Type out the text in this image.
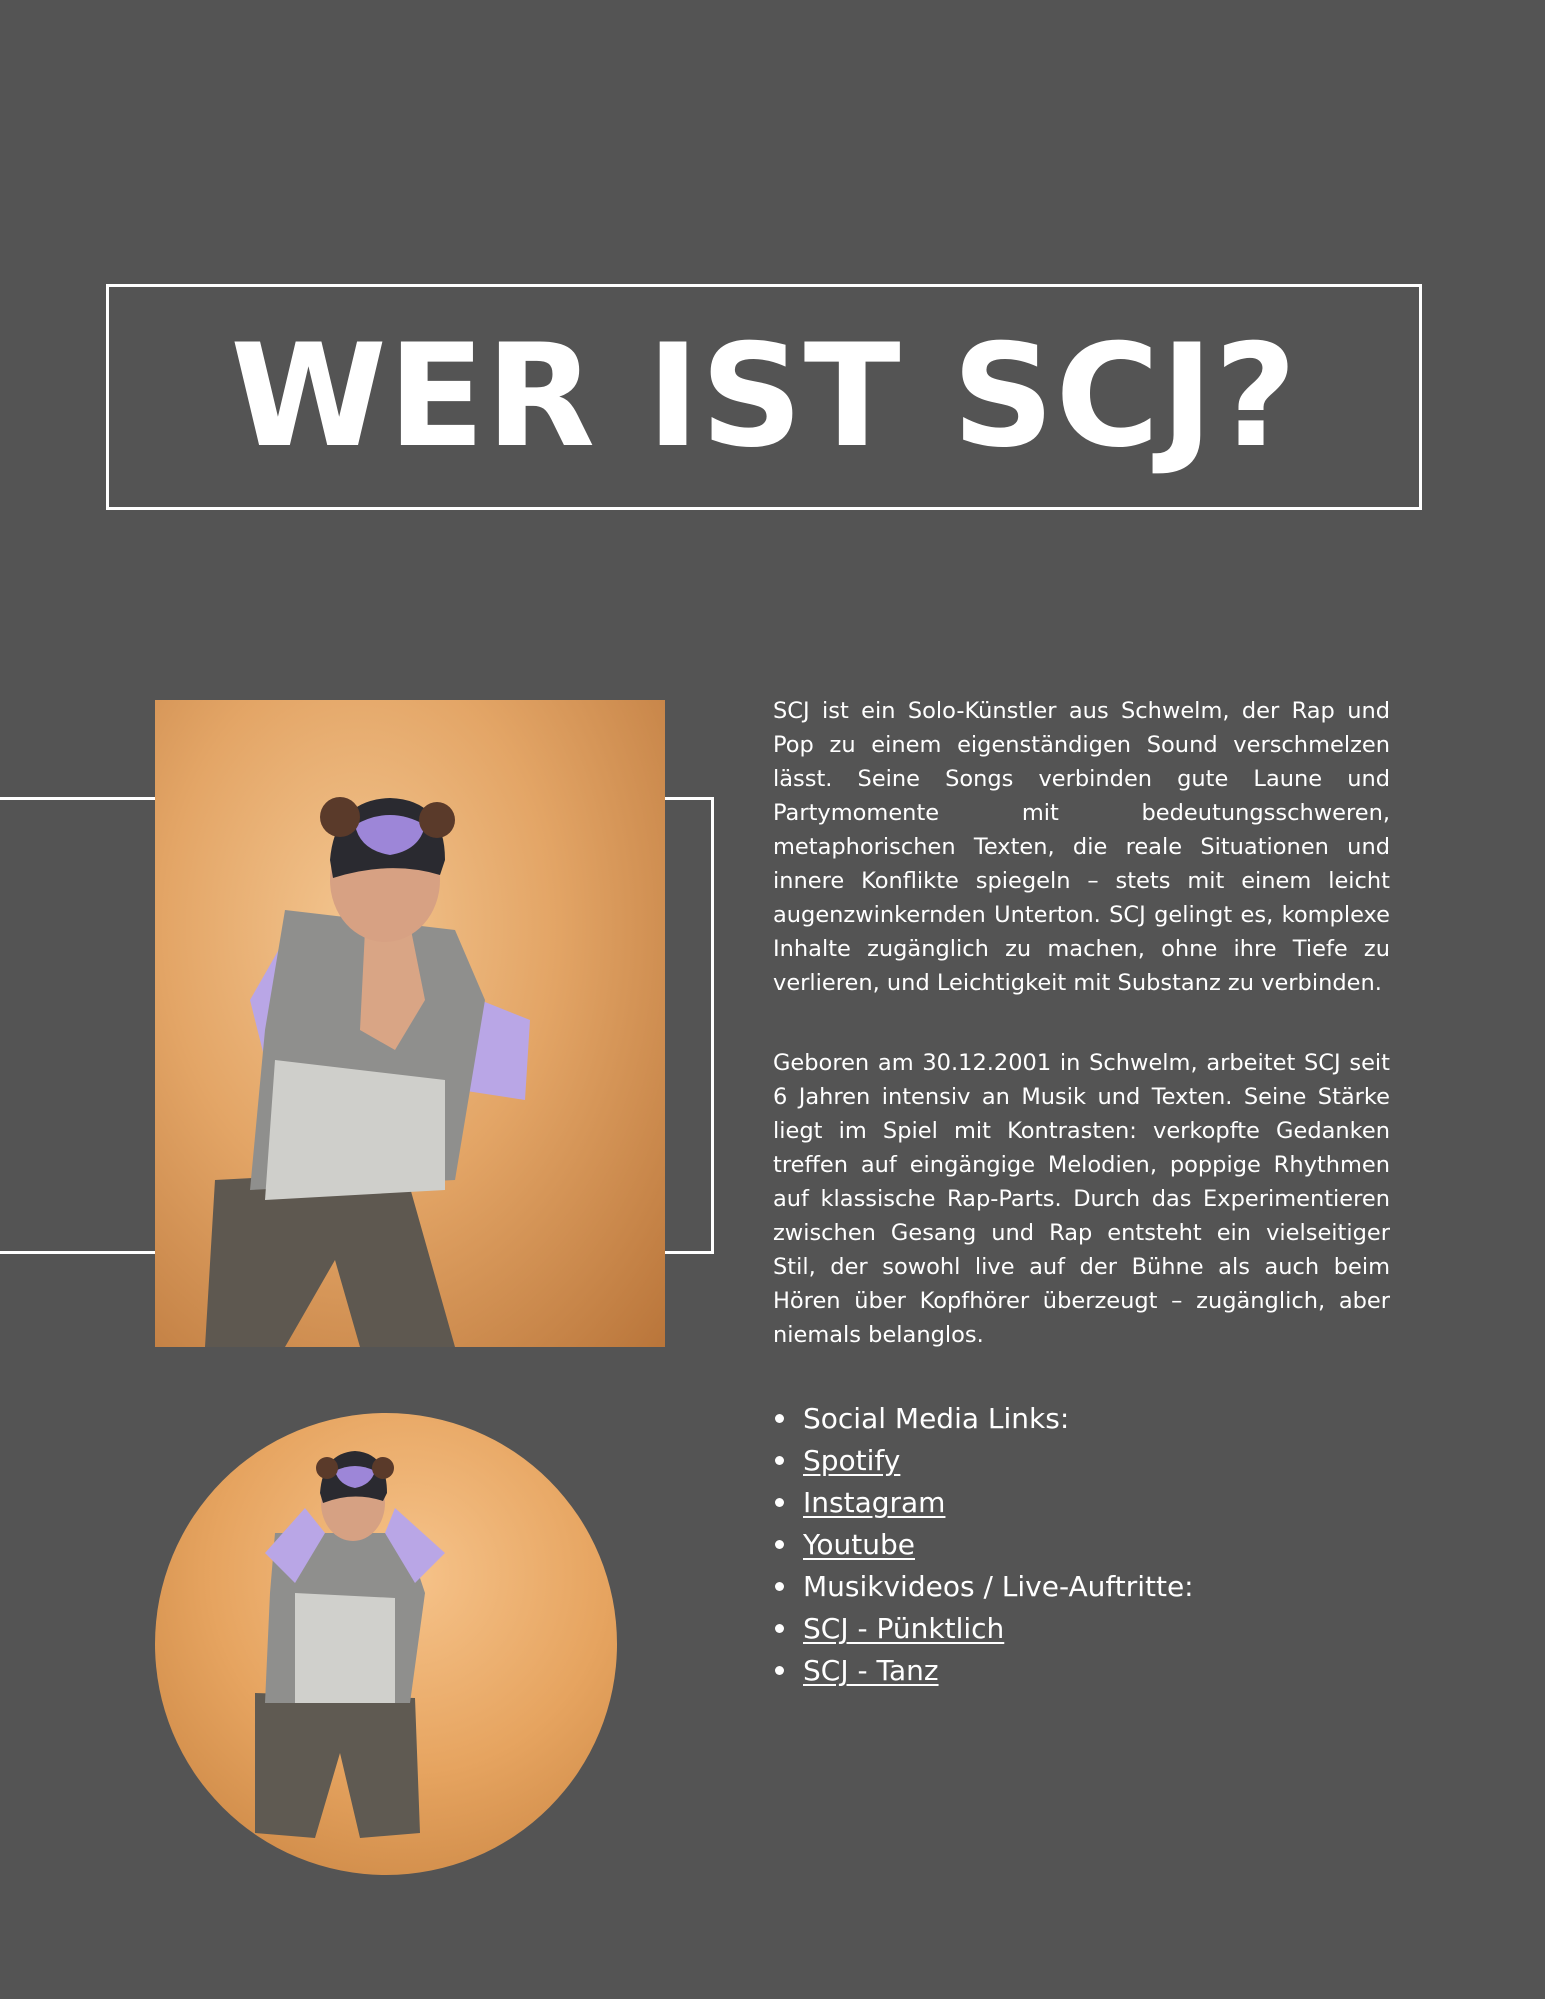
WER IST SCJ?

SCJ ist ein Solo-Künstler aus Schwelm, der Rap und Pop zu einem eigenständigen Sound verschmelzen lässt. Seine Songs verbinden gute Laune und Partymomente mit bedeutungsschweren, metaphorischen Texten, die reale Situationen und innere Konflikte spiegeln – stets mit einem leicht augenzwinkernden Unterton. SCJ gelingt es, komplexe Inhalte zugänglich zu machen, ohne ihre Tiefe zu verlieren, und Leichtigkeit mit Substanz zu verbinden.

Geboren am 30.12.2001 in Schwelm, arbeitet SCJ seit 6 Jahren intensiv an Musik und Texten. Seine Stärke liegt im Spiel mit Kontrasten: verkopfte Gedanken treffen auf eingängige Melodien, poppige Rhythmen auf klassische Rap-Parts. Durch das Experimentieren zwischen Gesang und Rap entsteht ein vielseitiger Stil, der sowohl live auf der Bühne als auch beim Hören über Kopfhörer überzeugt – zugänglich, aber niemals belanglos.

Social Media Links:
Spotify
Instagram
Youtube
Musikvideos / Live-Auftritte:
SCJ - Pünktlich
SCJ - Tanz
